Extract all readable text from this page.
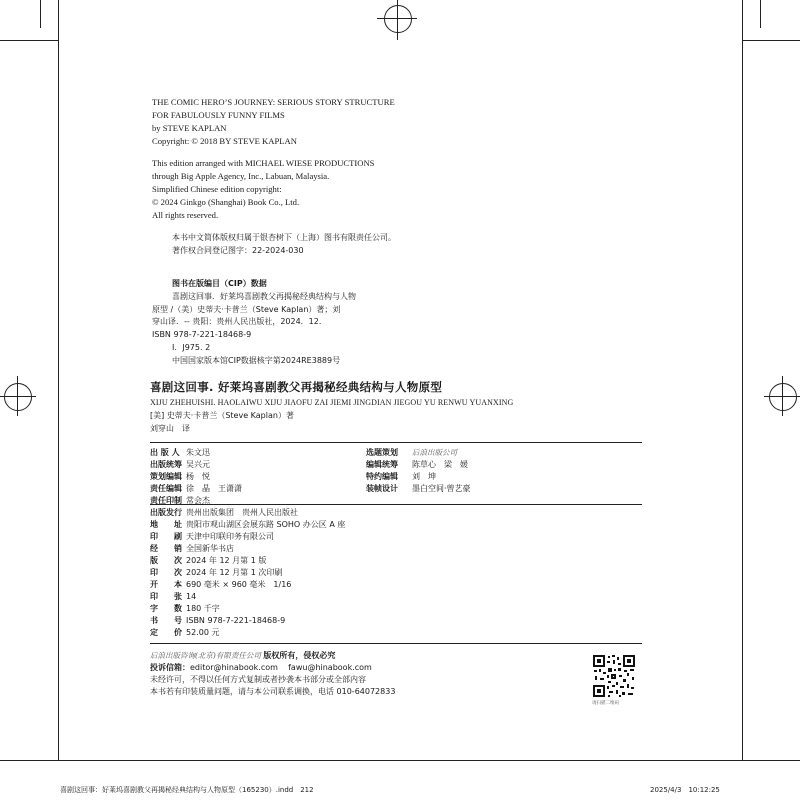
THE COMIC HERO’S JOURNEY: SERIOUS STORY STRUCTURE
FOR FABULOUSLY FUNNY FILMS
by STEVE KAPLAN
Copyright: © 2018 BY STEVE KAPLAN
This edition arranged with MICHAEL WIESE PRODUCTIONS
through Big Apple Agency, Inc., Labuan, Malaysia.
Simplified Chinese edition copyright:
© 2024 Ginkgo (Shanghai) Book Co., Ltd.
All rights reserved.
本书中文简体版权归属于银杏树下（上海）图书有限责任公司。
著作权合同登记图字：22-2024-030
图书在版编目（CIP）数据
喜剧这回事．好莱坞喜剧教父再揭秘经典结构与人物
原型 /（美）史蒂夫·卡普兰（Steve Kaplan）著；刘
穿山译．-- 贵阳：贵州人民出版社，2024．12．
ISBN 978-7-221-18468-9
Ⅰ．J975. 2
中国国家版本馆CIP数据核字第2024RE3889号
喜剧这回事. 好莱坞喜剧教父再揭秘经典结构与人物原型
XIJU ZHEHUISHI. HAOLAIWU XIJU JIAOFU ZAI JIEMI JINGDIAN JIEGOU YU RENWU YUANXING
[美] 史蒂夫·卡普兰（Steve Kaplan）著
刘穿山　译
出 版 人 朱文迅
出版统筹 吴兴元
策划编辑 杨　悦
责任编辑 徐　晶　王潇潇
责任印制 常会杰
选题策划 后浪出版公司
编辑统筹 陈草心　梁　媛
特约编辑 刘　坤
装帧设计 墨白空间·曾艺豪
出版发行 贵州出版集团　贵州人民出版社
地　　址 贵阳市观山湖区会展东路 SOHO 办公区 A 座
印　　刷 天津中印联印务有限公司
经　　销 全国新华书店
版　　次 2024 年 12 月第 1 版
印　　次 2024 年 12 月第 1 次印刷
开　　本 690 毫米 × 960 毫米　1/16
印　　张 14
字　　数 180 千字
书　　号 ISBN 978-7-221-18468-9
定　　价 52.00 元
后浪出版咨询(北京)有限责任公司 版权所有，侵权必究
投诉信箱：editor@hinabook.com fawu@hinabook.com
未经许可，不得以任何方式复制或者抄袭本书部分或全部内容
本书若有印装质量问题，请与本公司联系调换，电话 010-64072833
请扫描二维码
喜剧这回事：好莱坞喜剧教父再揭秘经典结构与人物原型（165230）.indd　212	2025/4/3　10:12:25
